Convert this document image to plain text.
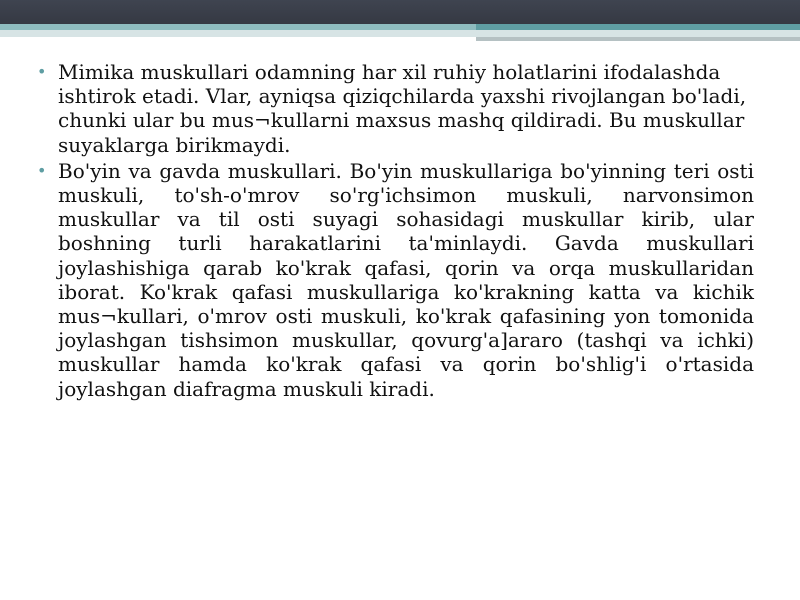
• Mimika muskullari odamning har xil ruhiy holatlarini ifodalashda ishtirok etadi. Vlar, ayniqsa qiziqchilarda yaxshi rivojlangan bo'ladi, chunki ular bu mus¬kullarni maxsus mashq qildiradi. Bu muskullar suyaklarga birikmaydi.
• Bo'yin va gavda muskullari. Bo'yin muskullariga bo'yinning teri osti muskuli, to'sh-o'mrov so'rg'ichsimon muskuli, narvonsimon muskullar va til osti suyagi sohasidagi muskullar kirib, ular boshning turli harakatlarini ta'minlaydi. Gavda muskullari joylashishiga qarab ko'krak qafasi, qorin va orqa muskullaridan iborat. Ko'krak qafasi muskullariga ko'krakning katta va kichik mus¬kullari, o'mrov osti muskuli, ko'krak qafasining yon tomonida joylashgan tishsimon muskullar, qovurg'a]araro (tashqi va ichki) muskullar hamda ko'krak qafasi va qorin bo'shlig'i o'rtasida joylashgan diafragma muskuli kiradi.
